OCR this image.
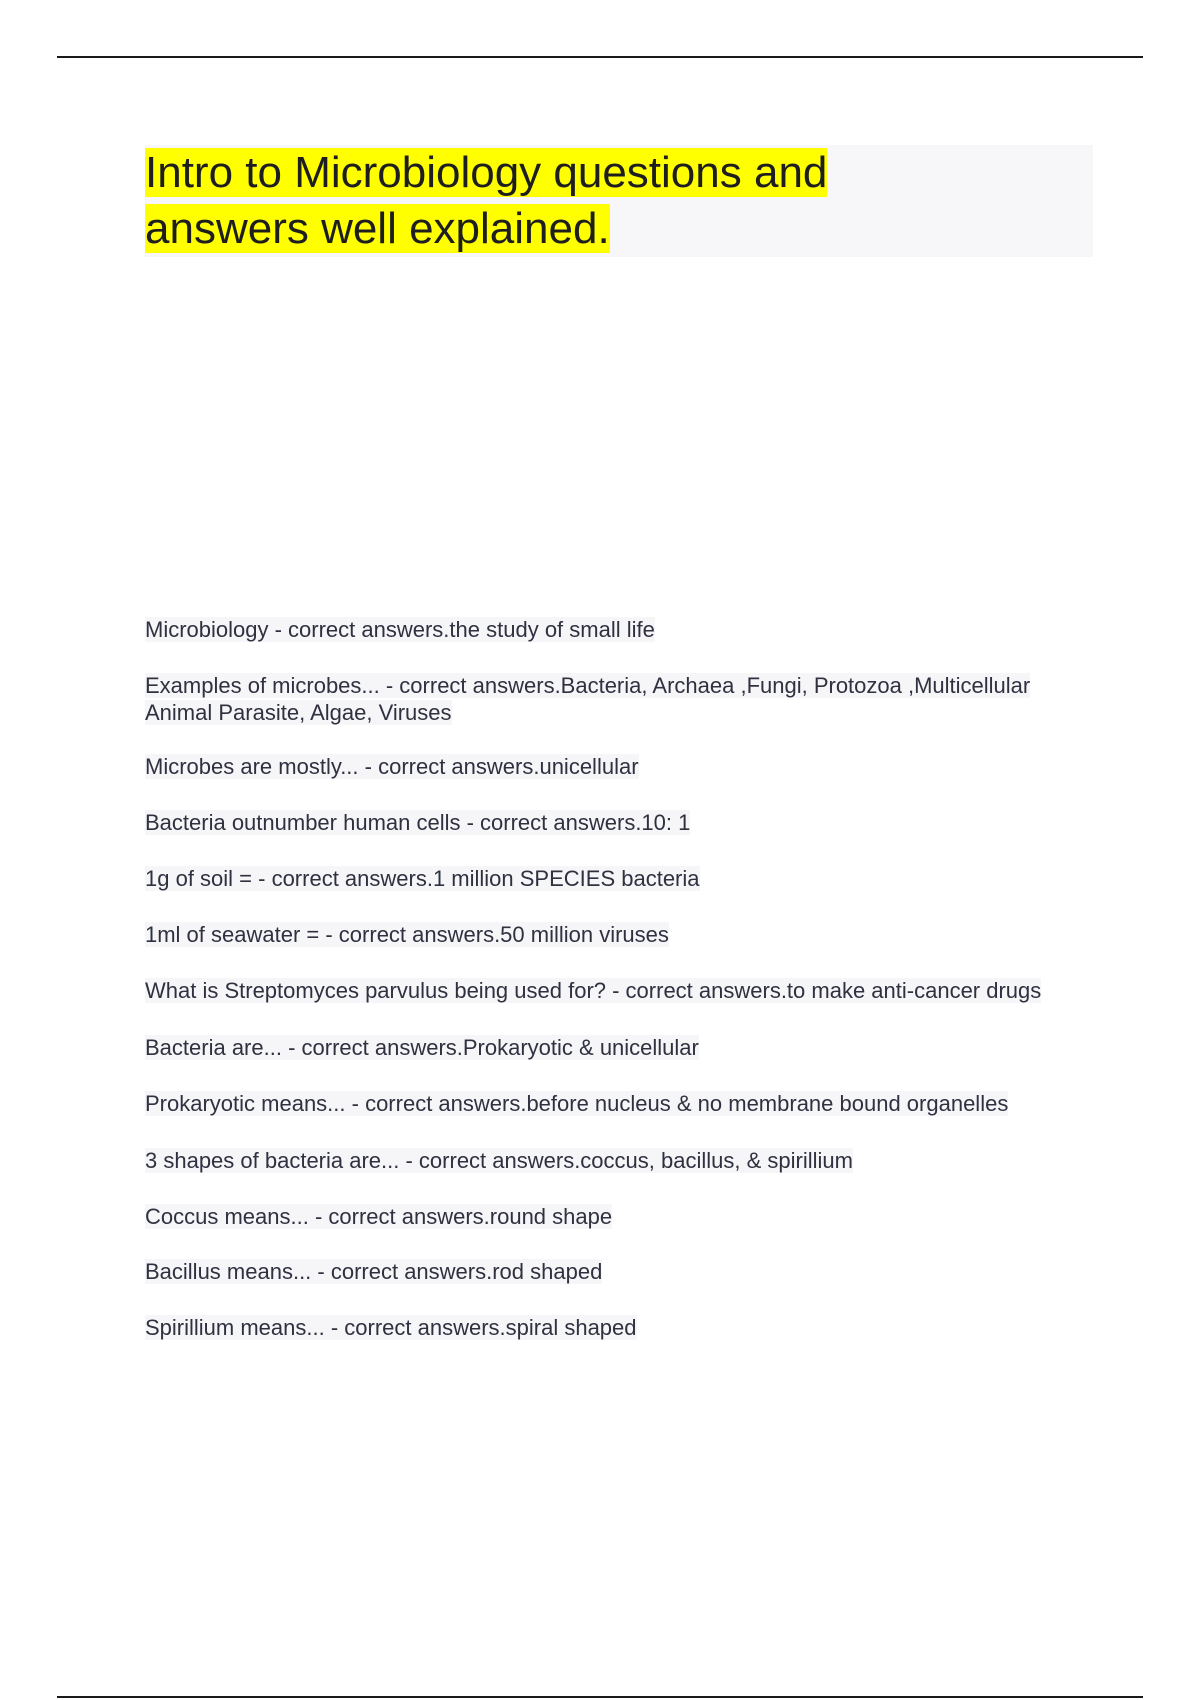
Intro to Microbiology questions and answers well explained.
Microbiology - correct answers.the study of small life
Examples of microbes... - correct answers.Bacteria, Archaea ,Fungi, Protozoa ,Multicellular Animal Parasite, Algae, Viruses
Microbes are mostly... - correct answers.unicellular
Bacteria outnumber human cells - correct answers.10: 1
1g of soil = - correct answers.1 million SPECIES bacteria
1ml of seawater = - correct answers.50 million viruses
What is Streptomyces parvulus being used for? - correct answers.to make anti-cancer drugs
Bacteria are... - correct answers.Prokaryotic & unicellular
Prokaryotic means... - correct answers.before nucleus & no membrane bound organelles
3 shapes of bacteria are... - correct answers.coccus, bacillus, & spirillium
Coccus means... - correct answers.round shape
Bacillus means... - correct answers.rod shaped
Spirillium means... - correct answers.spiral shaped
